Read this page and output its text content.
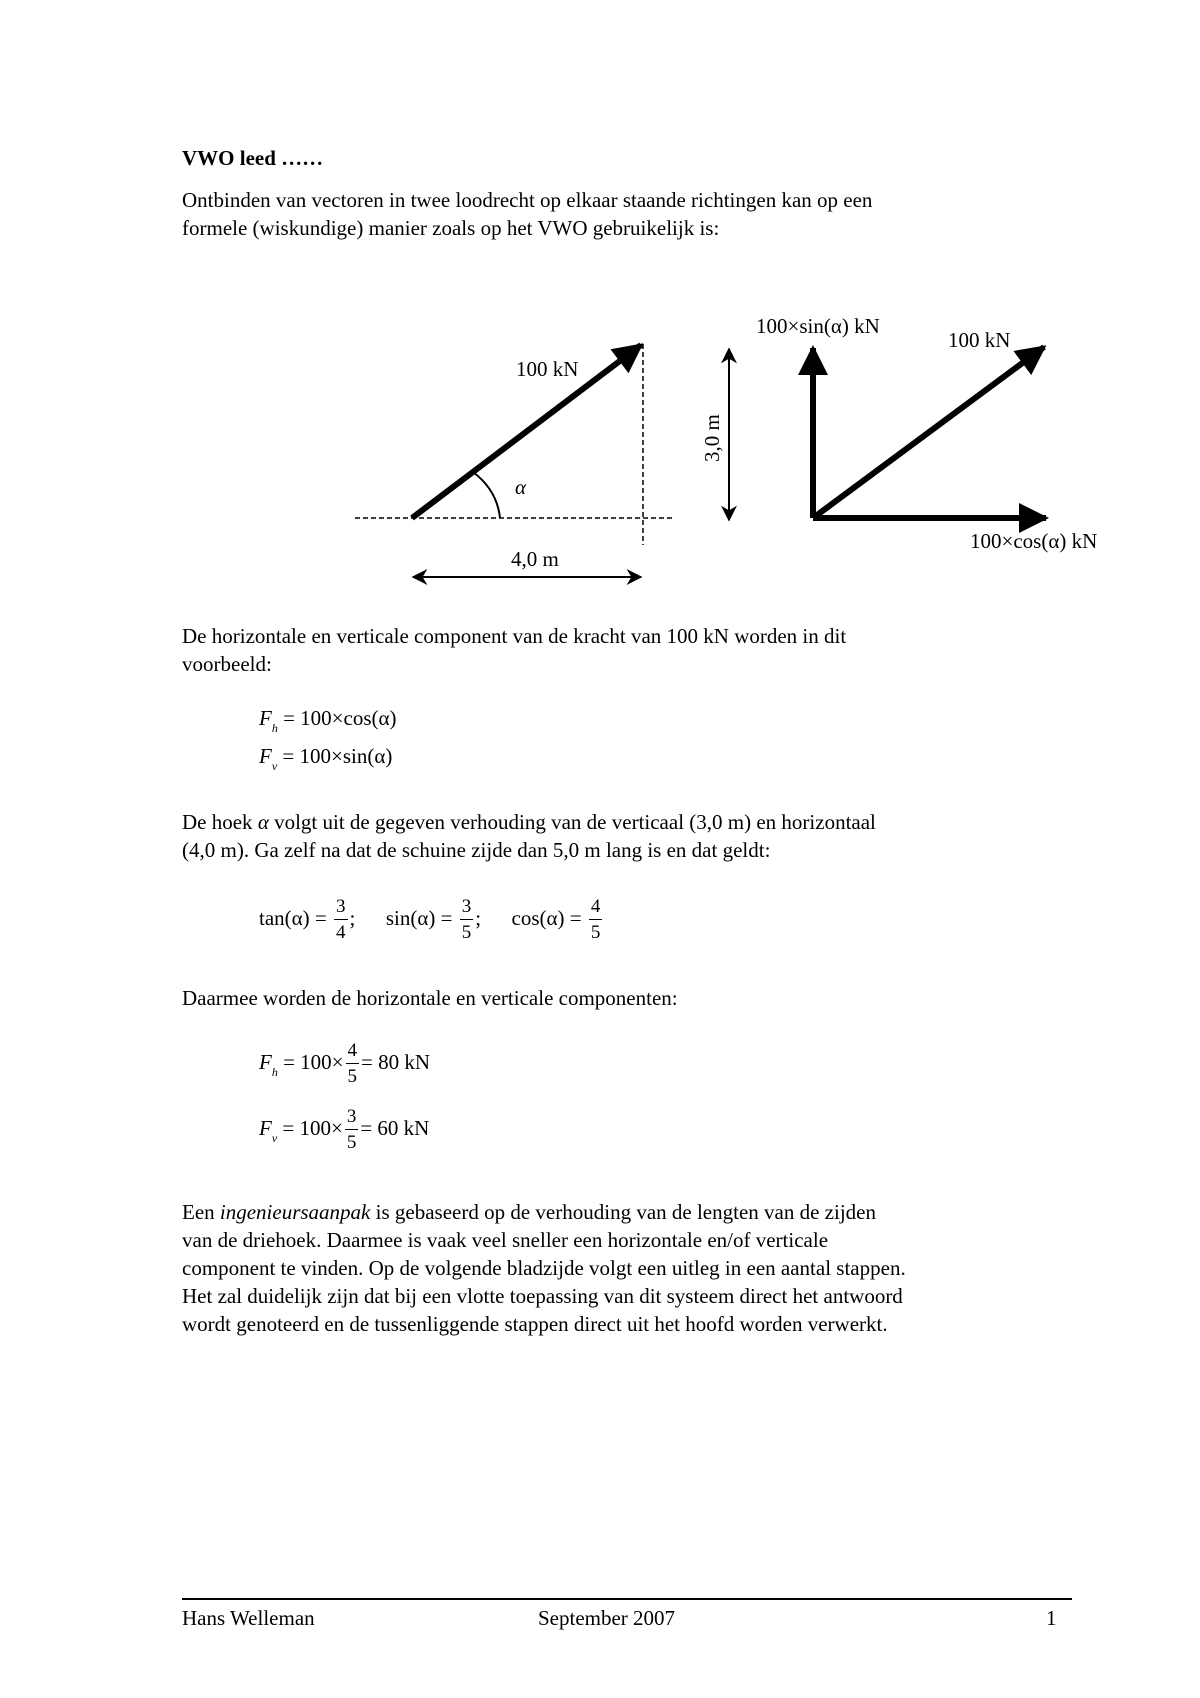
VWO leed ……

Ontbinden van vectoren in twee loodrecht op elkaar staande richtingen kan op een
formele (wiskundige) manier zoals op het VWO gebruikelijk is:

100 kN
α
4,0 m
3,0 m
100×sin(α) kN
100 kN
100×cos(α) kN

De horizontale en verticale component van de kracht van 100 kN worden in dit
voorbeeld:

$F_h = 100\times\cos(\alpha)$
$F_v = 100\times\sin(\alpha)$

De hoek α volgt uit de gegeven verhouding van de verticaal (3,0 m) en horizontaal
(4,0 m). Ga zelf na dat de schuine zijde dan 5,0 m lang is en dat geldt:

$\tan(\alpha) = \frac{3}{4}$ ; $\sin(\alpha) = \frac{3}{5}$ ; $\cos(\alpha) = \frac{4}{5}$

Daarmee worden de horizontale en verticale componenten:

$F_h = 100\times \frac{4}{5} = 80$ kN
$F_v = 100\times \frac{3}{5} = 60$ kN

Een ingenieursaanpak is gebaseerd op de verhouding van de lengten van de zijden
van de driehoek. Daarmee is vaak veel sneller een horizontale en/of verticale
component te vinden. Op de volgende bladzijde volgt een uitleg in een aantal stappen.
Het zal duidelijk zijn dat bij een vlotte toepassing van dit systeem direct het antwoord
wordt genoteerd en de tussenliggende stappen direct uit het hoofd worden verwerkt.

Hans Welleman	September 2007	1
